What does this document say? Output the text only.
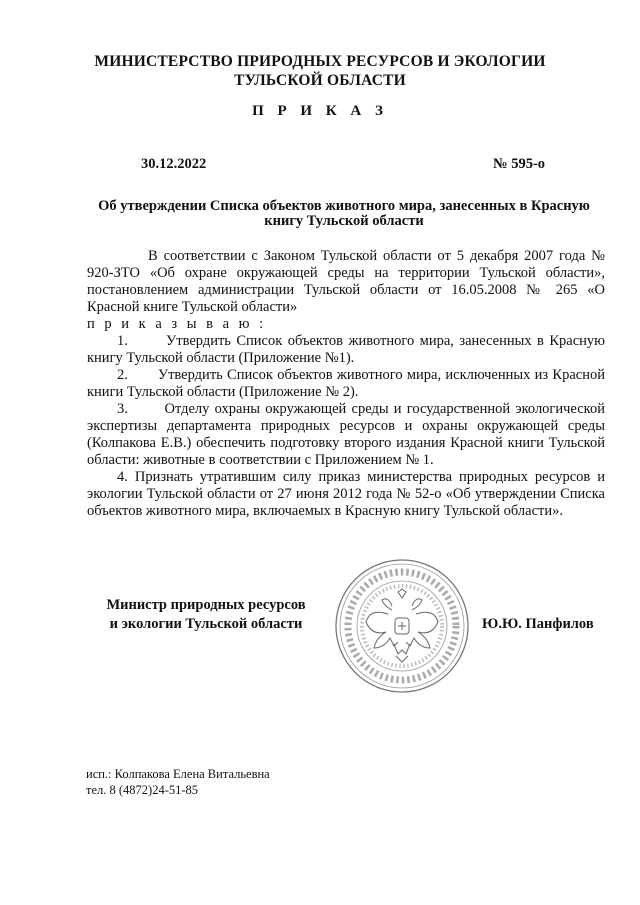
МИНИСТЕРСТВО ПРИРОДНЫХ РЕСУРСОВ И ЭКОЛОГИИ
ТУЛЬСКОЙ ОБЛАСТИ
П Р И К А З
30.12.2022	№ 595-о
Об утверждении Списка объектов животного мира, занесенных в Красную книгу Тульской области

В соответствии с Законом Тульской области от 5 декабря 2007 года № 920-ЗТО «Об охране окружающей среды на территории Тульской области», постановлением администрации Тульской области от 16.05.2008 № 265 «О Красной книге Тульской области»

п р и к а з ы в а ю :

1.       Утвердить Список объектов животного мира, занесенных в Красную книгу Тульской области (Приложение №1).

2.       Утвердить Список объектов животного мира, исключенных из Красной книги Тульской области (Приложение № 2).

3.       Отделу охраны окружающей среды и государственной экологической экспертизы департамента природных ресурсов и охраны окружающей среды (Колпакова Е.В.) обеспечить подготовку второго издания Красной книги Тульской области: животные в соответствии с Приложением № 1.

4. Признать утратившим силу приказ министерства природных ресурсов и экологии Тульской области от 27 июня 2012 года № 52-о «Об утверждении Списка объектов животного мира, включаемых в Красную книгу Тульской области».

Министр природных ресурсов
и экологии Тульской области	Ю.Ю. Панфилов
исп.: Колпакова Елена Витальевна
тел. 8 (4872)24-51-85
